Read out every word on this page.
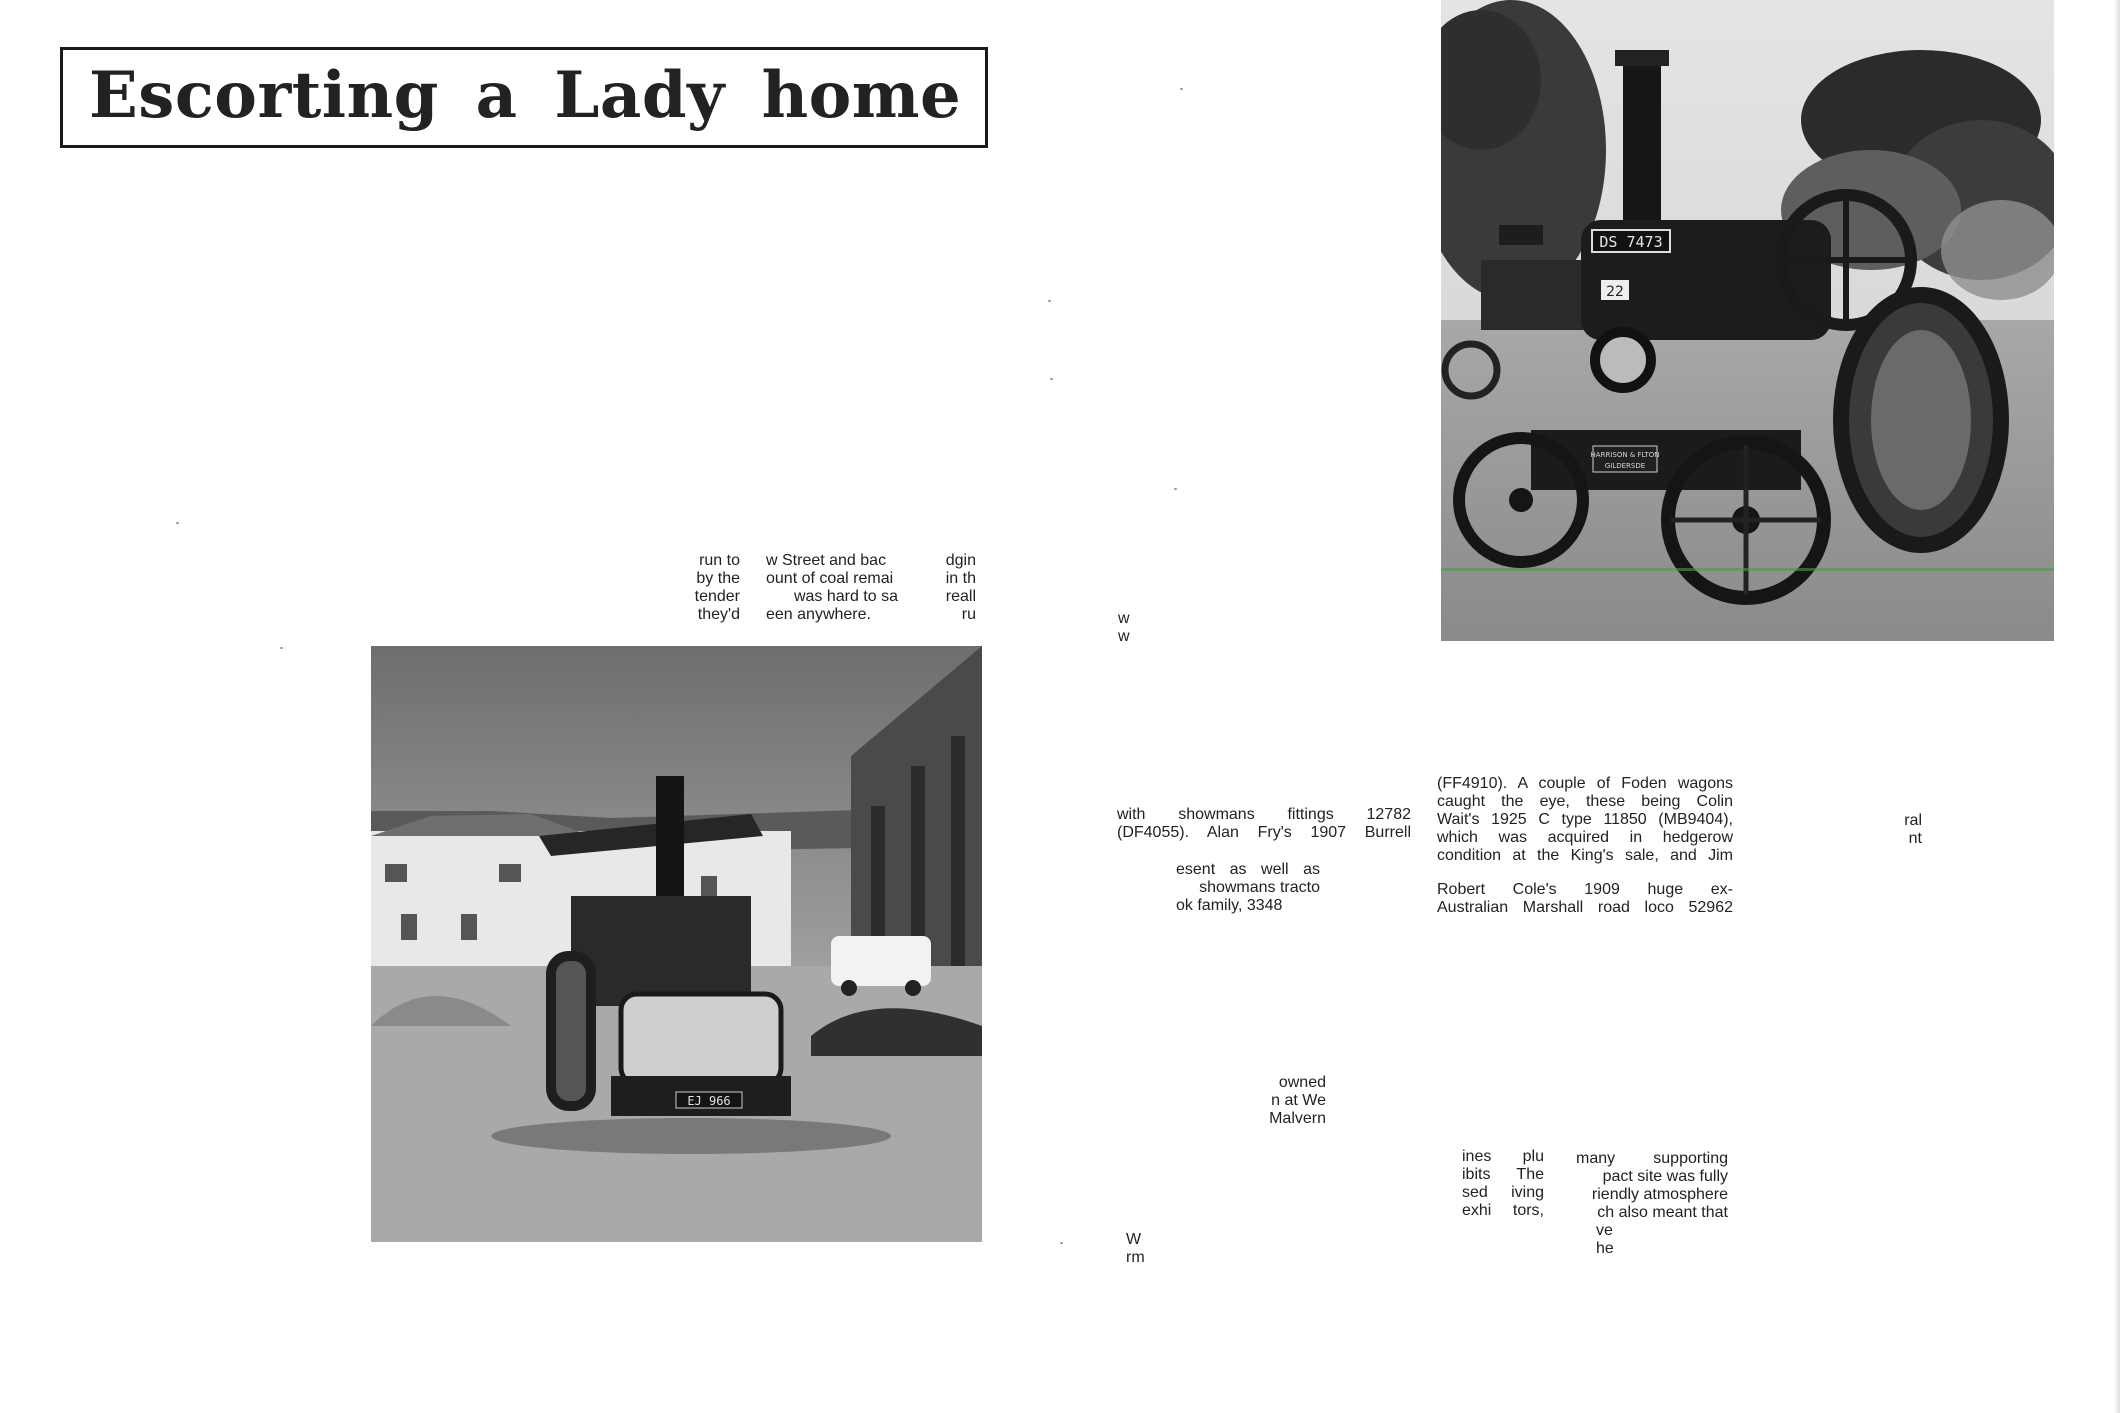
Escorting a Lady home
run to
by the
tender
they'd
w Street and bac
ount of coal remai
was hard to sa
een anywhere.
dgin
in th
reall
ru	w
w
with showmans fittings 12782
(DF4055). Alan Fry's 1907 Burrell
esent as well as
showmans tracto
ok family, 3348
owned
n at We
Malvern
W
rm
(FF4910). A couple of Foden wagons
caught the eye, these being Colin
Wait's 1925 C type 11850 (MB9404),
which was acquired in hedgerow
condition at the King's sale, and Jim
Robert Cole's 1909 huge ex-
Australian Marshall road loco 52962
ral
nt
ines plu
ibits The
sed iving
exhi tors,
many supporting
pact site was fully
riendly atmosphere
ch also meant that
ve
he
DS 7473
22
HARRISON & FLTON
GILDERSDE
EJ 966
